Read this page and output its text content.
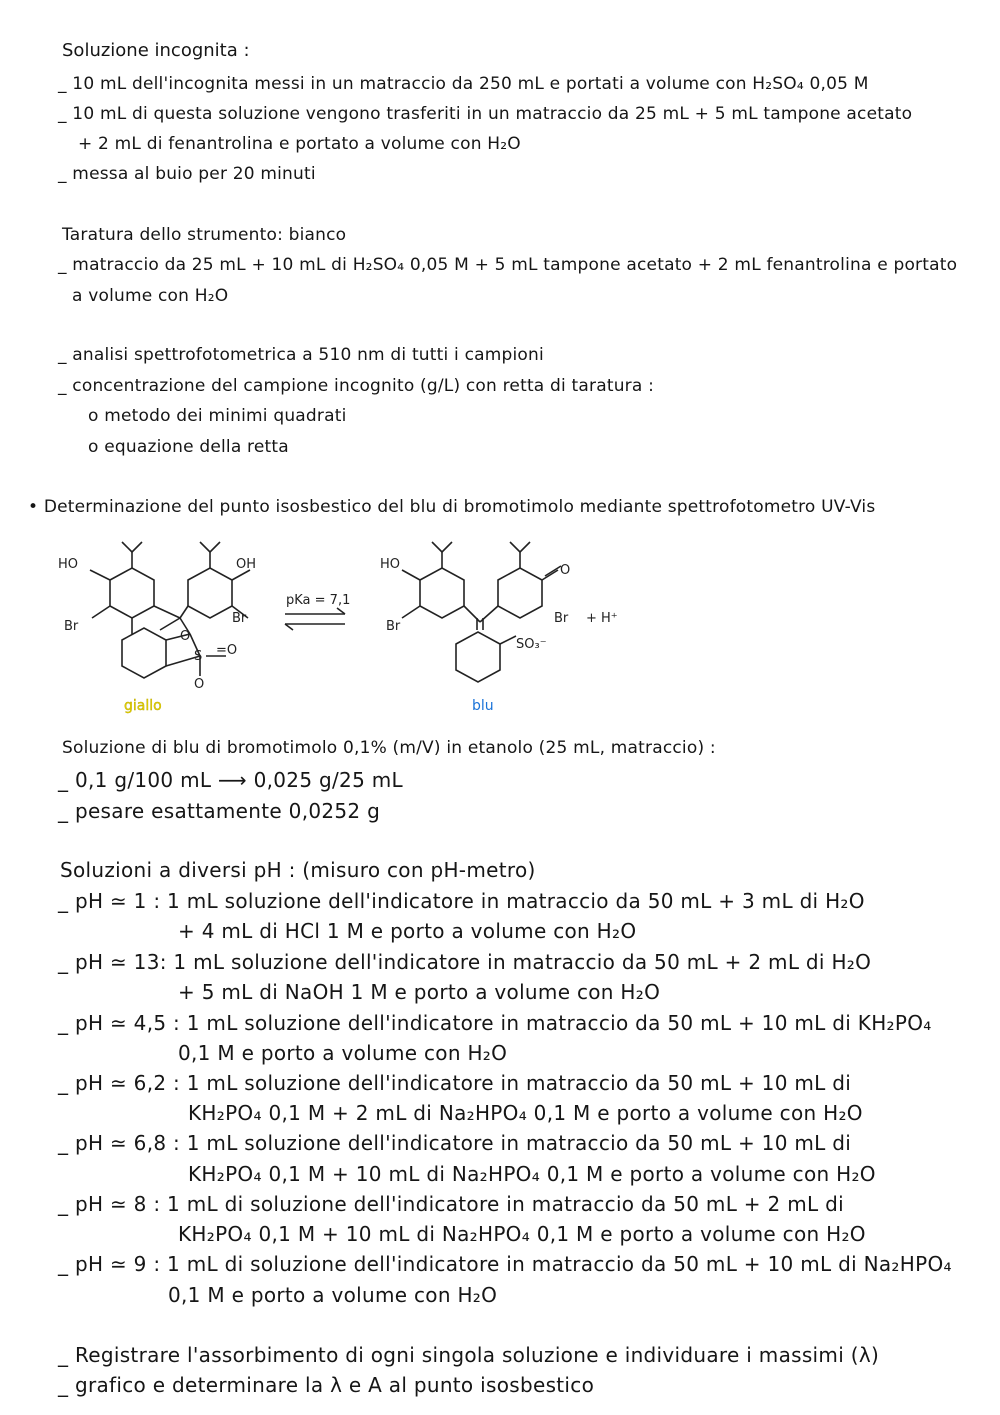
Soluzione incognita :
_ 10 mL dell'incognita messi in un matraccio da 250 mL e portati a volume con H₂SO₄ 0,05 M
_ 10 mL di questa soluzione vengono trasferiti in un matraccio da 25 mL + 5 mL tampone acetato
+ 2 mL di fenantrolina e portato a volume con H₂O
_ messa al buio per 20 minuti
Taratura dello strumento: bianco
_ matraccio da 25 mL + 10 mL di H₂SO₄ 0,05 M + 5 mL tampone acetato + 2 mL fenantrolina e portato
a volume con H₂O
_ analisi spettrofotometrica a 510 nm di tutti i campioni
_ concentrazione del campione incognito (g/L) con retta di taratura :
o metodo dei minimi quadrati
o equazione della retta
• Determinazione del punto isosbestico del blu di bromotimolo mediante spettrofotometro UV-Vis
HO	OH
Br
Br
S
O
=O
O
pKa = 7,1
HO
Br
O
Br
SO₃⁻
+ H⁺
giallo	blu
Soluzione di blu di bromotimolo 0,1% (m/V) in etanolo (25 mL, matraccio) :
_ 0,1 g/100 mL ⟶ 0,025 g/25 mL
_ pesare esattamente 0,0252 g
Soluzioni a diversi pH : (misuro con pH-metro)
_ pH ≃ 1 : 1 mL soluzione dell'indicatore in matraccio da 50 mL + 3 mL di H₂O
+ 4 mL di HCl 1 M e porto a volume con H₂O
_ pH ≃ 13: 1 mL soluzione dell'indicatore in matraccio da 50 mL + 2 mL di H₂O
+ 5 mL di NaOH 1 M e porto a volume con H₂O
_ pH ≃ 4,5 : 1 mL soluzione dell'indicatore in matraccio da 50 mL + 10 mL di KH₂PO₄
0,1 M e porto a volume con H₂O
_ pH ≃ 6,2 : 1 mL soluzione dell'indicatore in matraccio da 50 mL + 10 mL di
KH₂PO₄ 0,1 M + 2 mL di Na₂HPO₄ 0,1 M e porto a volume con H₂O
_ pH ≃ 6,8 : 1 mL soluzione dell'indicatore in matraccio da 50 mL + 10 mL di
KH₂PO₄ 0,1 M + 10 mL di Na₂HPO₄ 0,1 M e porto a volume con H₂O
_ pH ≃ 8 : 1 mL di soluzione dell'indicatore in matraccio da 50 mL + 2 mL di
KH₂PO₄ 0,1 M + 10 mL di Na₂HPO₄ 0,1 M e porto a volume con H₂O
_ pH ≃ 9 : 1 mL di soluzione dell'indicatore in matraccio da 50 mL + 10 mL di Na₂HPO₄
0,1 M e porto a volume con H₂O
_ Registrare l'assorbimento di ogni singola soluzione e individuare i massimi (λ)
_ grafico e determinare la λ e A al punto isosbestico
